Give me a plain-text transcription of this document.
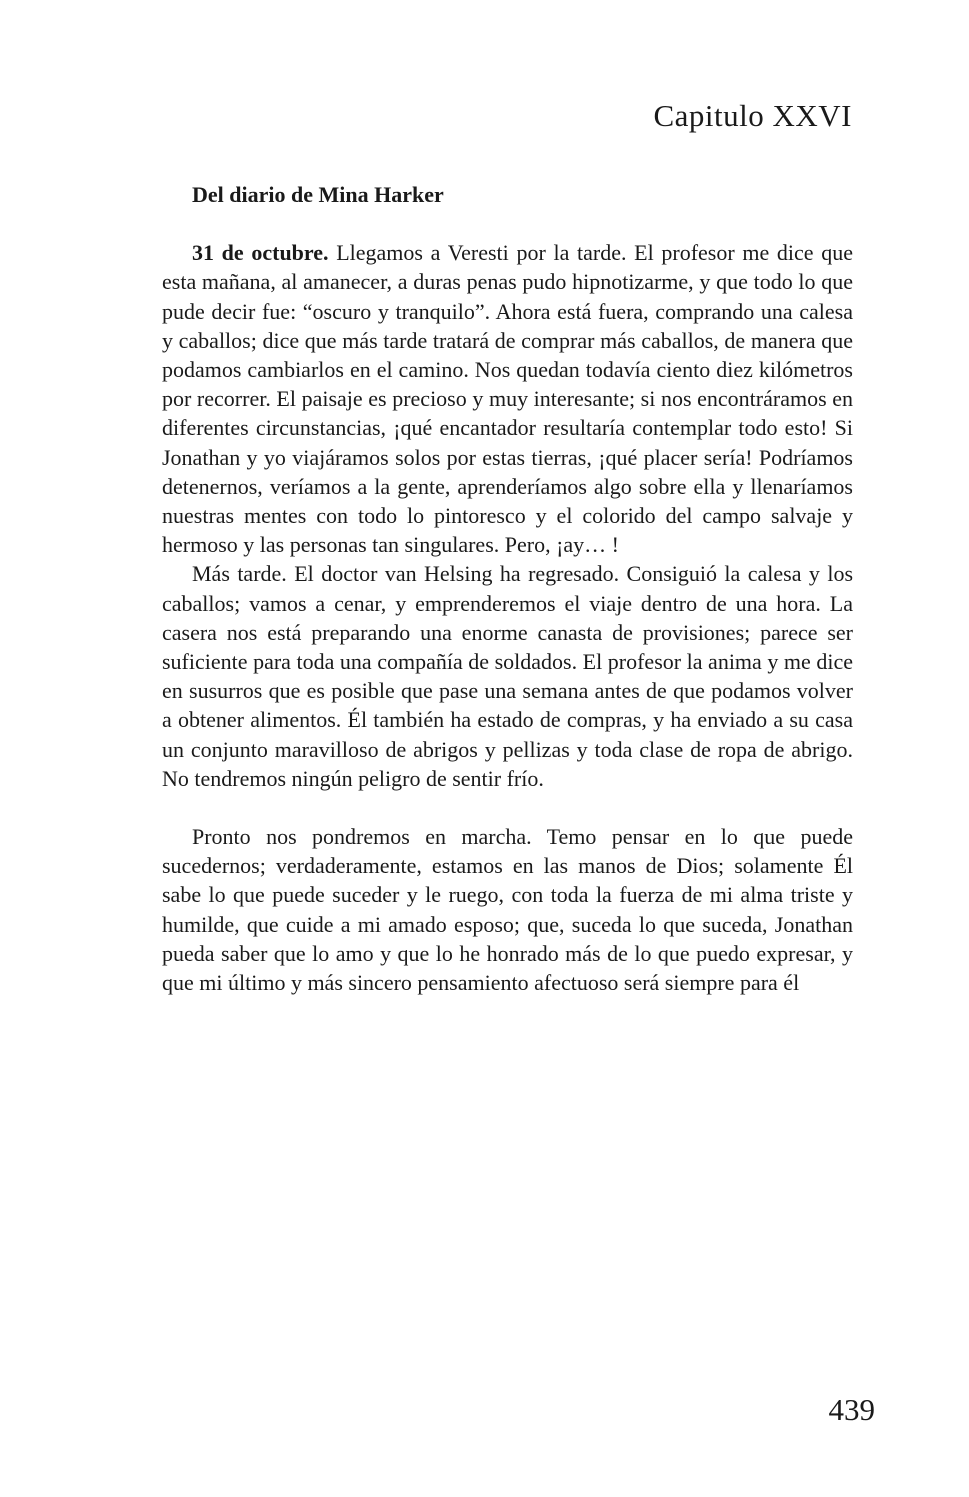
Capitulo XXVI

Del diario de Mina Harker

31 de octubre. Llegamos a Veresti por la tarde. El profesor me dice que esta mañana, al amanecer, a duras penas pudo hipnotizarme, y que todo lo que pude decir fue: “oscuro y tranquilo”. Ahora está fuera, comprando una calesa y caballos; dice que más tarde tratará de comprar más caballos, de manera que podamos cambiarlos en el camino. Nos quedan todavía ciento diez kilómetros por recorrer. El paisaje es precioso y muy interesante; si nos encontráramos en diferentes circunstancias, ¡qué encantador resultaría contemplar todo esto! Si Jonathan y yo viajáramos solos por estas tierras, ¡qué placer sería! Podríamos detenernos, veríamos a la gente, aprenderíamos algo sobre ella y llenaríamos nuestras mentes con todo lo pintoresco y el colorido del campo salvaje y hermoso y las personas tan singulares. Pero, ¡ay… !

Más tarde. El doctor van Helsing ha regresado. Consiguió la calesa y los caballos; vamos a cenar, y emprenderemos el viaje dentro de una hora. La casera nos está preparando una enorme canasta de provisiones; parece ser suficiente para toda una compañía de soldados. El profesor la anima y me dice en susurros que es posible que pase una semana antes de que podamos volver a obtener alimentos. Él también ha estado de compras, y ha enviado a su casa un conjunto maravilloso de abrigos y pellizas y toda clase de ropa de abrigo. No tendremos ningún peligro de sentir frío.

Pronto nos pondremos en marcha. Temo pensar en lo que puede sucedernos; verdaderamente, estamos en las manos de Dios; solamente Él sabe lo que puede suceder y le ruego, con toda la fuerza de mi alma triste y humilde, que cuide a mi amado esposo; que, suceda lo que suceda, Jonathan pueda saber que lo amo y que lo he honrado más de lo que puedo expresar, y que mi último y más sincero pensamiento afectuoso será siempre para él

439
